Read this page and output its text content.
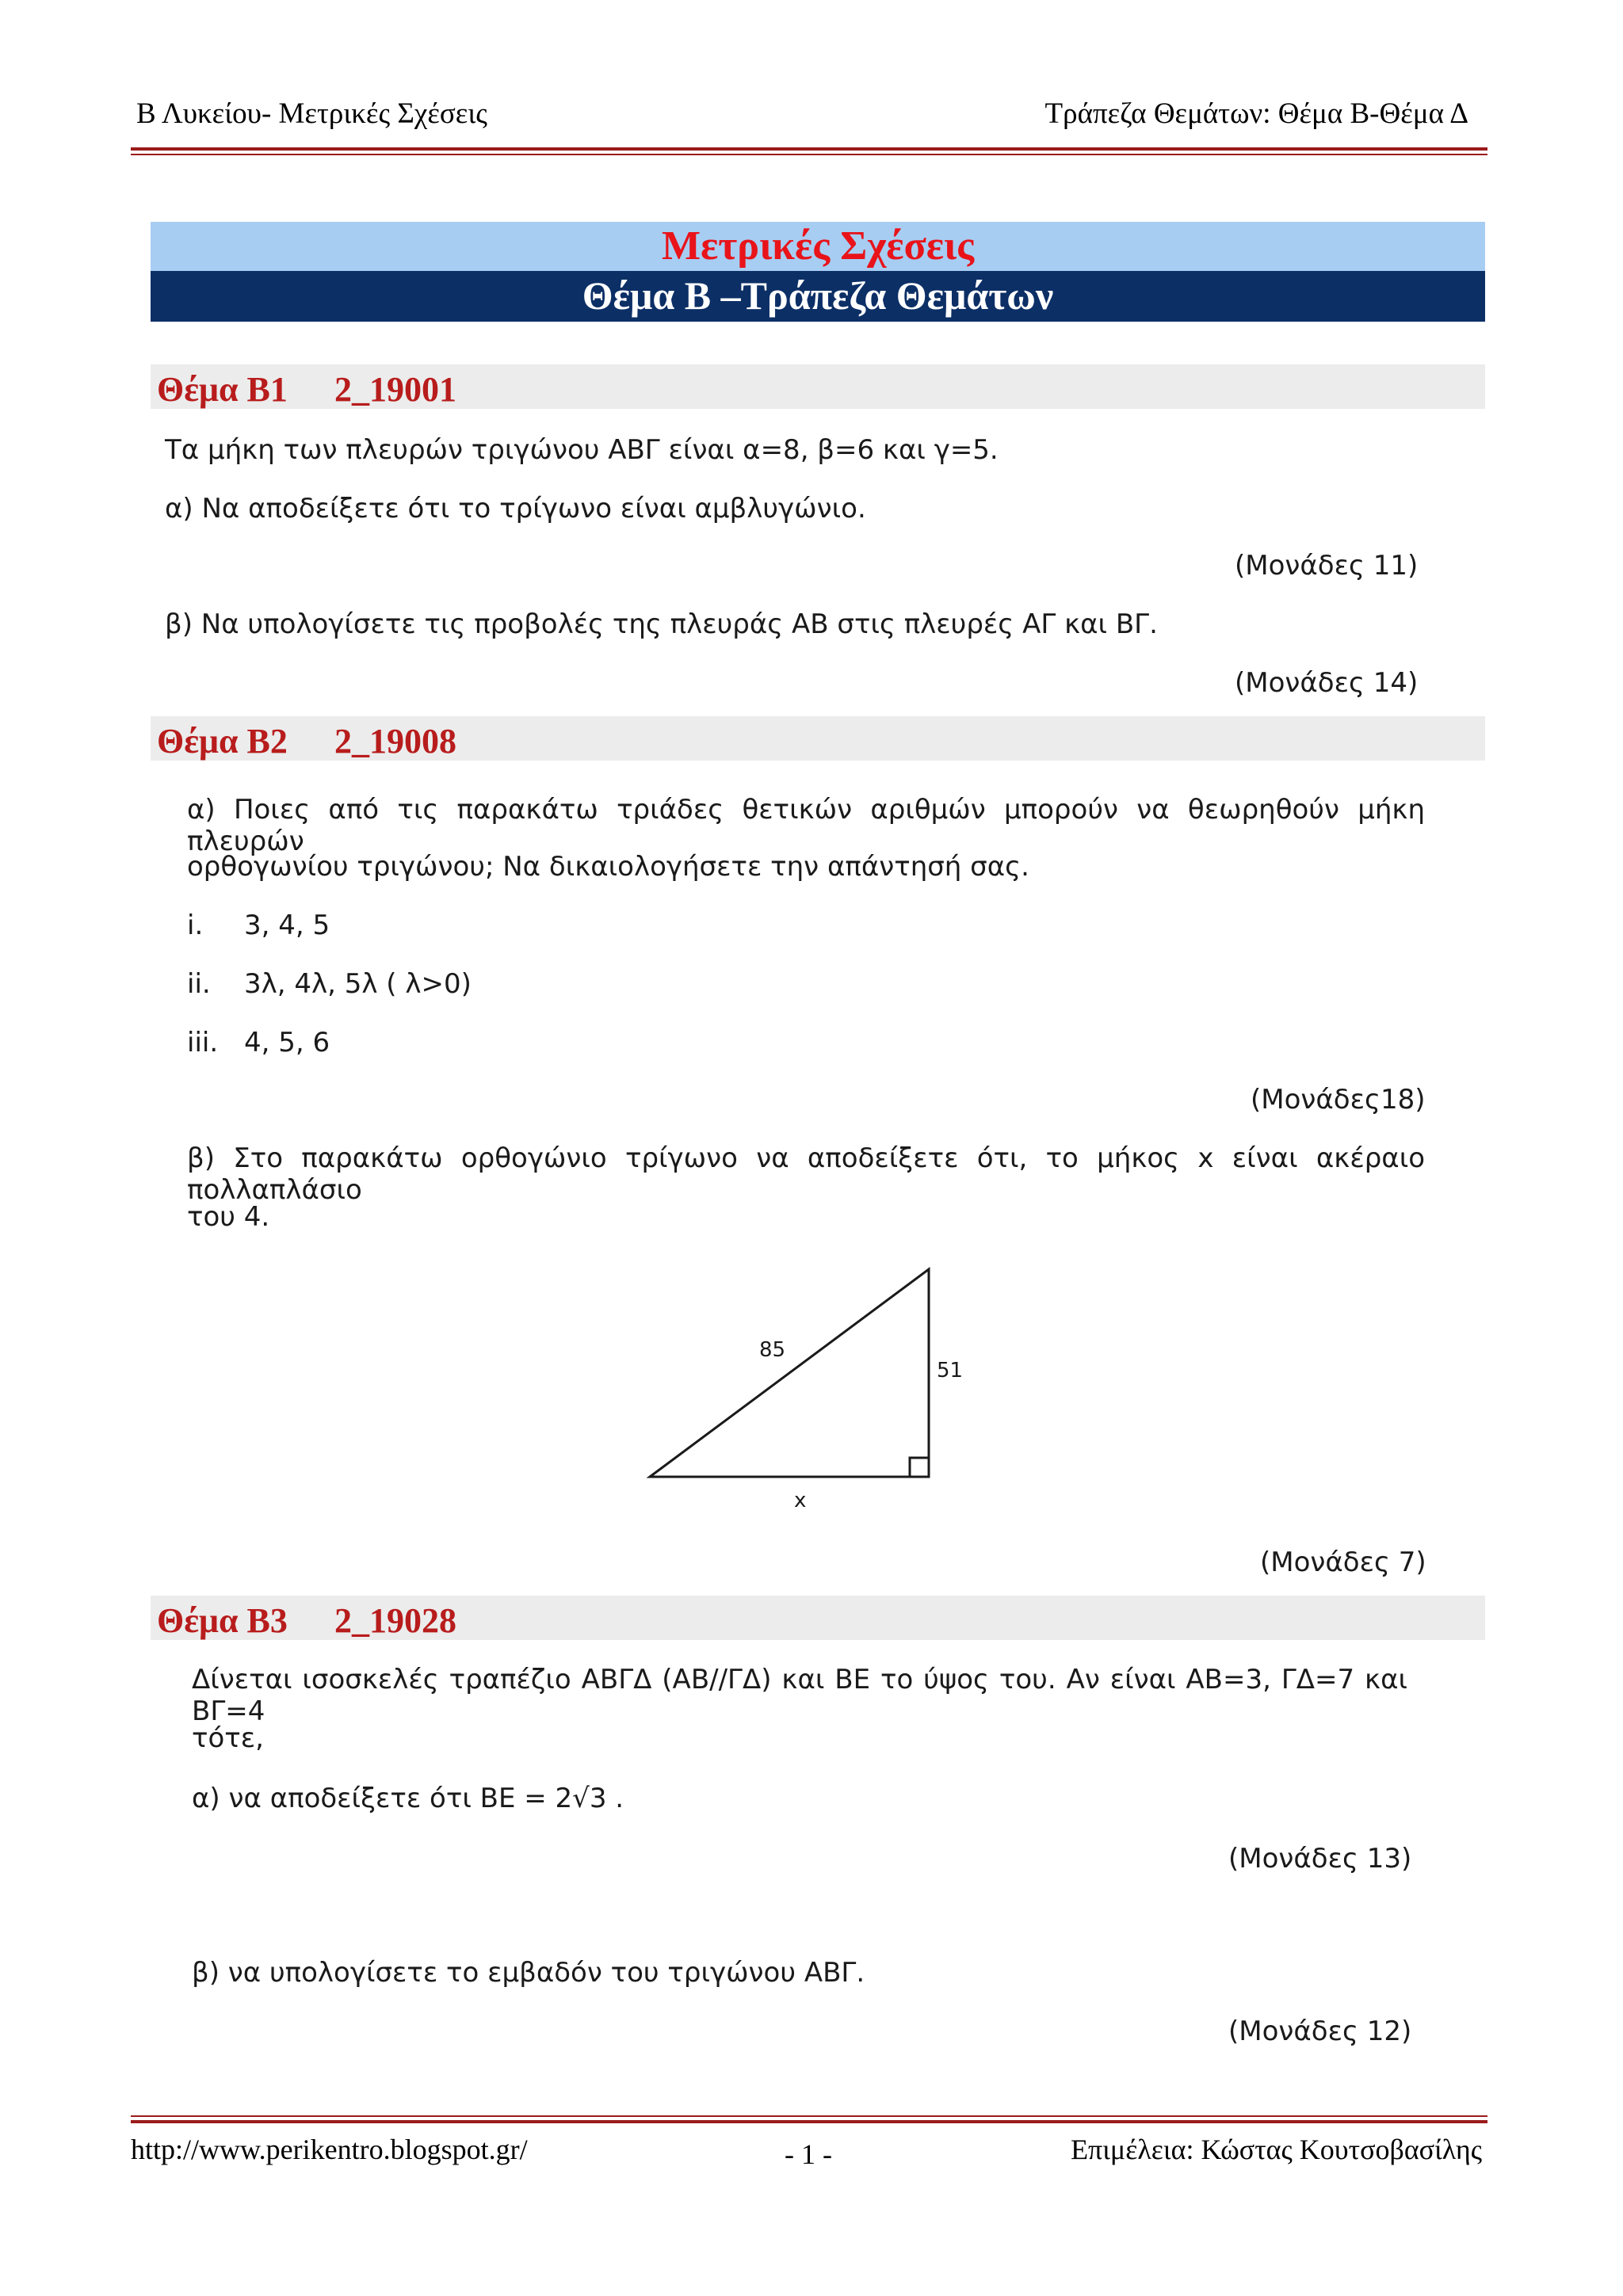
Β Λυκείου- Μετρικές Σχέσεις	Τράπεζα Θεμάτων: Θέμα Β-Θέμα Δ
Μετρικές Σχέσεις
Θέμα Β –Τράπεζα Θεμάτων
Θέμα Β1 2_19001
Τα μήκη των πλευρών τριγώνου ΑΒΓ είναι α=8, β=6 και γ=5.
α) Να αποδείξετε ότι το τρίγωνο είναι αμβλυγώνιο.
(Μονάδες 11)
β) Να υπολογίσετε τις προβολές της πλευράς ΑΒ στις πλευρές ΑΓ και ΒΓ.
(Μονάδες 14)
Θέμα Β2 2_19008
α) Ποιες από τις παρακάτω τριάδες θετικών αριθμών μπορούν να θεωρηθούν μήκη πλευρών
ορθογωνίου τριγώνου; Να δικαιολογήσετε την απάντησή σας.
i. 3, 4, 5
ii. 3λ, 4λ, 5λ ( λ>0)
iii. 4, 5, 6
(Μονάδες18)
β) Στο παρακάτω ορθογώνιο τρίγωνο να αποδείξετε ότι, το μήκος x είναι ακέραιο πολλαπλάσιο
του 4.
85
51
x
(Μονάδες 7)
Θέμα Β3 2_19028
Δίνεται ισοσκελές τραπέζιο ΑΒΓΔ (ΑΒ//ΓΔ) και ΒΕ το ύψος του. Αν είναι ΑΒ=3, ΓΔ=7 και ΒΓ=4
τότε,
α) να αποδείξετε ότι ΒΕ = 2√3 .
(Μονάδες 13)
β) να υπολογίσετε το εμβαδόν του τριγώνου ΑΒΓ.
(Μονάδες 12)
http://www.perikentro.blogspot.gr/	- 1 -	Επιμέλεια: Κώστας Κουτσοβασίλης
